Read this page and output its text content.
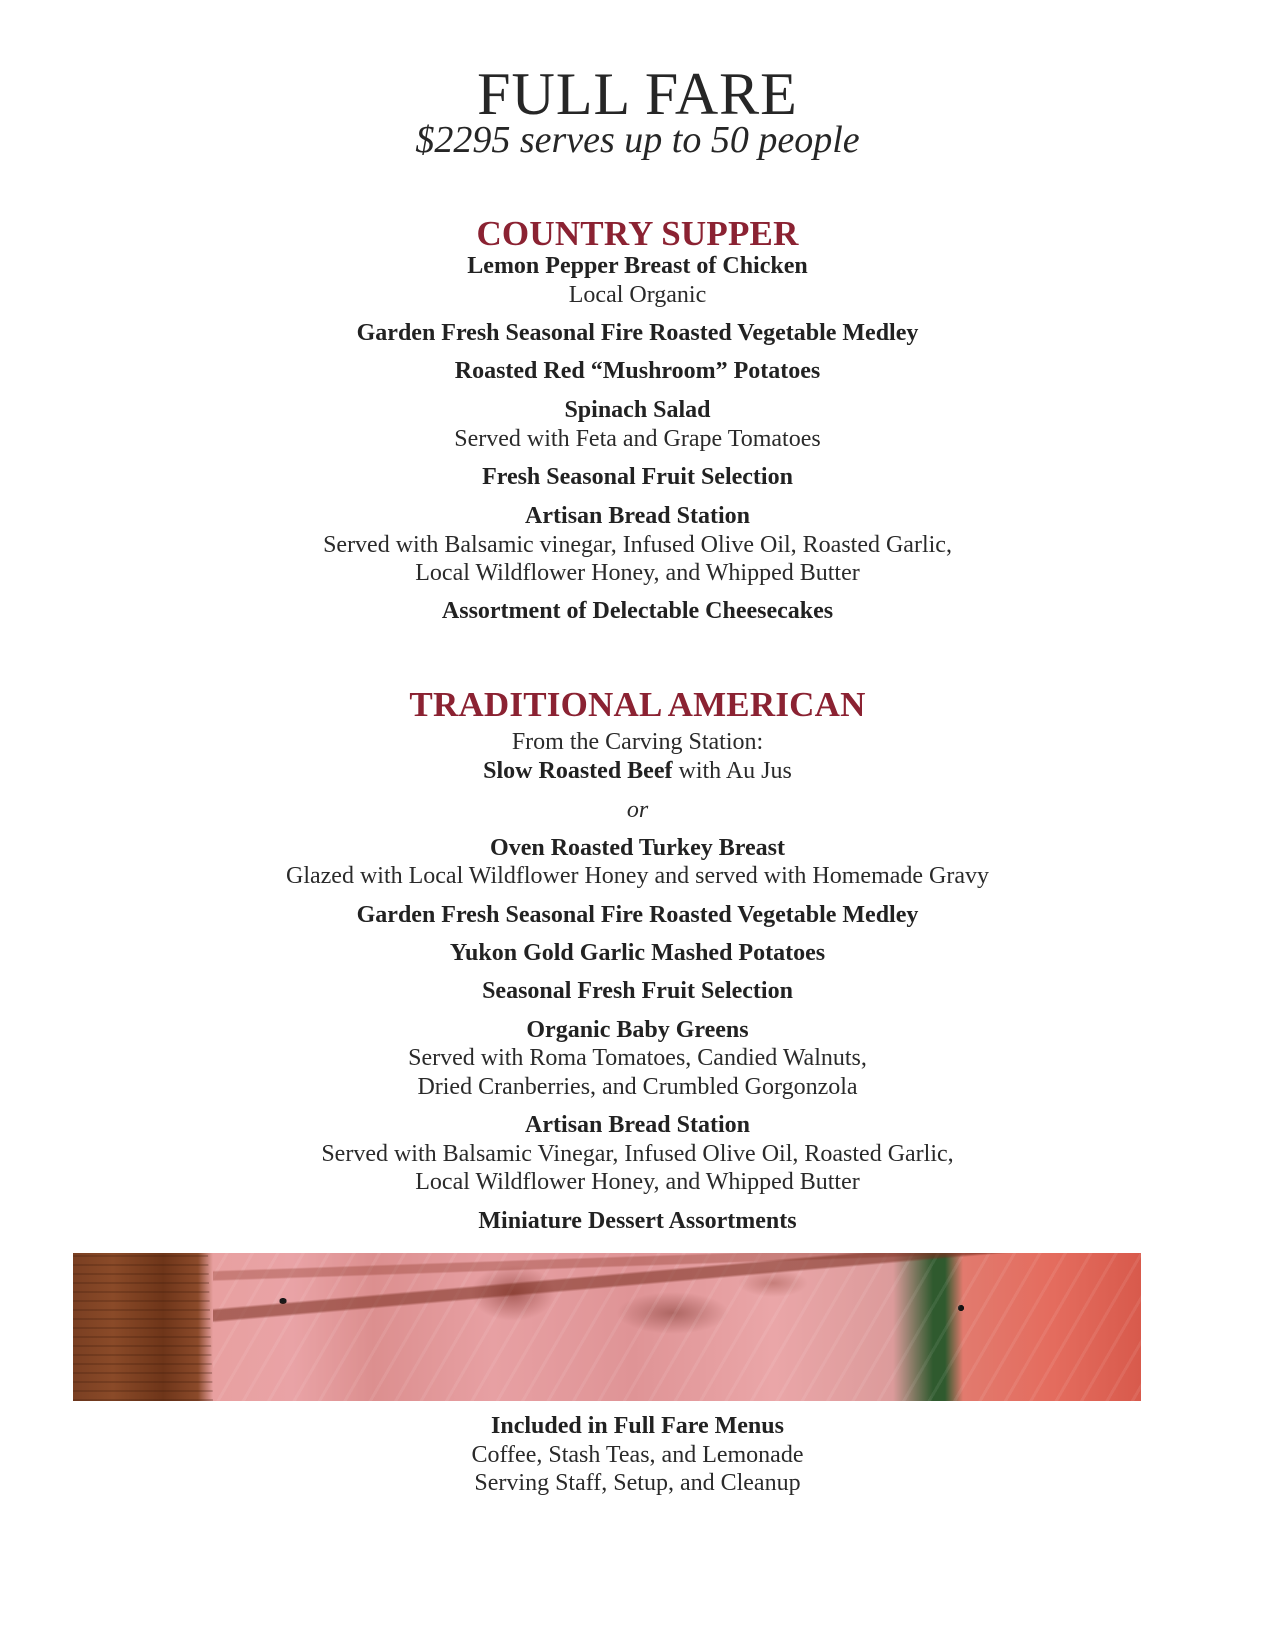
FULL FARE
$2295 serves up to 50 people
COUNTRY SUPPER
Lemon Pepper Breast of Chicken
Local Organic
Garden Fresh Seasonal Fire Roasted Vegetable Medley
Roasted Red “Mushroom” Potatoes
Spinach Salad
Served with Feta and Grape Tomatoes
Fresh Seasonal Fruit Selection
Artisan Bread Station
Served with Balsamic vinegar, Infused Olive Oil, Roasted Garlic,
Local Wildflower Honey, and Whipped Butter
Assortment of Delectable Cheesecakes
TRADITIONAL AMERICAN
From the Carving Station:
Slow Roasted Beef with Au Jus
or
Oven Roasted Turkey Breast
Glazed with Local Wildflower Honey and served with Homemade Gravy
Garden Fresh Seasonal Fire Roasted Vegetable Medley
Yukon Gold Garlic Mashed Potatoes
Seasonal Fresh Fruit Selection
Organic Baby Greens
Served with Roma Tomatoes, Candied Walnuts,
Dried Cranberries, and Crumbled Gorgonzola
Artisan Bread Station
Served with Balsamic Vinegar, Infused Olive Oil, Roasted Garlic,
Local Wildflower Honey, and Whipped Butter
Miniature Dessert Assortments
Included in Full Fare Menus
Coffee, Stash Teas, and Lemonade
Serving Staff, Setup, and Cleanup
